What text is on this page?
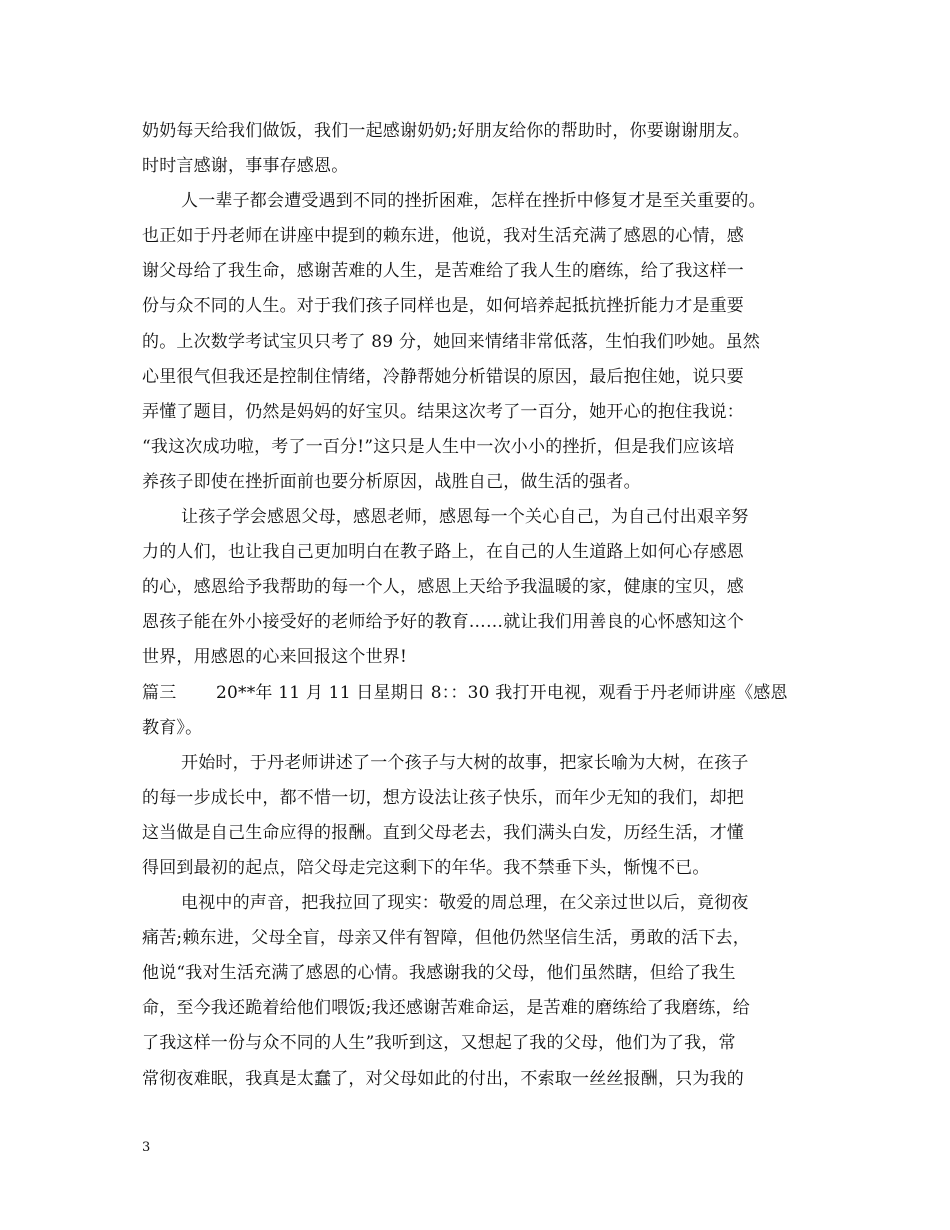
奶奶每天给我们做饭，我们一起感谢奶奶;好朋友给你的帮助时，你要谢谢朋友。
时时言感谢，事事存感恩。
人一辈子都会遭受遇到不同的挫折困难，怎样在挫折中修复才是至关重要的。
也正如于丹老师在讲座中提到的赖东进，他说，我对生活充满了感恩的心情，感
谢父母给了我生命，感谢苦难的人生，是苦难给了我人生的磨练，给了我这样一
份与众不同的人生。对于我们孩子同样也是，如何培养起抵抗挫折能力才是重要
的。上次数学考试宝贝只考了 89 分，她回来情绪非常低落，生怕我们吵她。虽然
心里很气但我还是控制住情绪，冷静帮她分析错误的原因，最后抱住她，说只要
弄懂了题目，仍然是妈妈的好宝贝。结果这次考了一百分，她开心的抱住我说：
“我这次成功啦，考了一百分!”这只是人生中一次小小的挫折，但是我们应该培
养孩子即使在挫折面前也要分析原因，战胜自己，做生活的强者。
让孩子学会感恩父母，感恩老师，感恩每一个关心自己，为自己付出艰辛努
力的人们，也让我自己更加明白在教子路上，在自己的人生道路上如何心存感恩
的心，感恩给予我帮助的每一个人，感恩上天给予我温暖的家，健康的宝贝，感
恩孩子能在外小接受好的老师给予好的教育……就让我们用善良的心怀感知这个
世界，用感恩的心来回报这个世界!
篇三 20**年 11 月 11 日星期日 8：：30 我打开电视，观看于丹老师讲座《感恩
教育》。
开始时，于丹老师讲述了一个孩子与大树的故事，把家长喻为大树，在孩子
的每一步成长中，都不惜一切，想方设法让孩子快乐，而年少无知的我们，却把
这当做是自己生命应得的报酬。直到父母老去，我们满头白发，历经生活，才懂
得回到最初的起点，陪父母走完这剩下的年华。我不禁垂下头，惭愧不已。
电视中的声音，把我拉回了现实：敬爱的周总理，在父亲过世以后，竟彻夜
痛苦;赖东进，父母全盲，母亲又伴有智障，但他仍然坚信生活，勇敢的活下去，
他说“我对生活充满了感恩的心情。我感谢我的父母，他们虽然瞎，但给了我生
命，至今我还跪着给他们喂饭;我还感谢苦难命运，是苦难的磨练给了我磨练，给
了我这样一份与众不同的人生”我听到这，又想起了我的父母，他们为了我，常
常彻夜难眠，我真是太蠢了，对父母如此的付出，不索取一丝丝报酬，只为我的
3
